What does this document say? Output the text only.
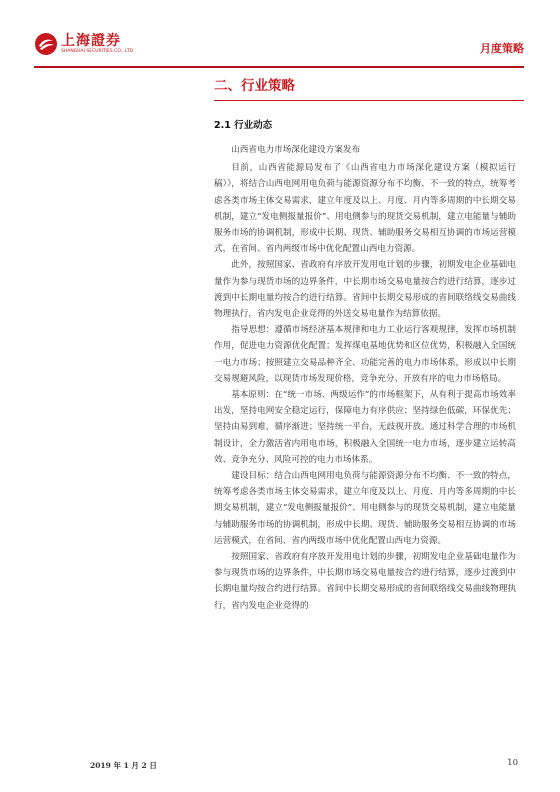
上海證券
SHANGHAI SECURITIES CO., LTD	月度策略
二、行业策略
2.1 行业动态

山西省电力市场深化建设方案发布

目前，山西省能源局发布了《山西省电力市场深化建设方案（模拟运行稿）》，将结合山西电网用电负荷与能源资源分布不均衡、不一致的特点，统筹考虑各类市场主体交易需求，建立年度及以上、月度、月内等多周期的中长期交易机制，建立“发电侧报量报价”、用电侧参与的现货交易机制，建立电能量与辅助服务市场的协调机制，形成中长期、现货、辅助服务交易相互协调的市场运营模式，在省间、省内两级市场中优化配置山西电力资源。

此外，按照国家、省政府有序放开发用电计划的步骤，初期发电企业基础电量作为参与现货市场的边界条件，中长期市场交易电量按合约进行结算，逐步过渡到中长期电量均按合约进行结算。省间中长期交易形成的省间联络线交易曲线物理执行，省内发电企业竞得的外送交易电量作为结算依据。

指导思想：遵循市场经济基本规律和电力工业运行客观规律，发挥市场机制作用，促进电力资源优化配置；发挥煤电基地优势和区位优势，积极融入全国统一电力市场；按照建立交易品种齐全、功能完善的电力市场体系，形成以中长期交易规避风险，以现货市场发现价格，竞争充分、开放有序的电力市场格局。

基本原则：在“统一市场、两级运作”的市场框架下，从有利于提高市场效率出发，坚持电网安全稳定运行，保障电力有序供应；坚持绿色低碳，环保优先；坚持由易到难，循序渐进；坚持统一平台，无歧视开放。通过科学合理的市场机制设计，全力激活省内用电市场，积极融入全国统一电力市场，逐步建立运转高效、竞争充分、风险可控的电力市场体系。

建设目标：结合山西电网用电负荷与能源资源分布不均衡、不一致的特点，统筹考虑各类市场主体交易需求，建立年度及以上、月度、月内等多周期的中长期交易机制，建立“发电侧报量报价”、用电侧参与的现货交易机制，建立电能量与辅助服务市场的协调机制，形成中长期、现货、辅助服务交易相互协调的市场运营模式，在省间、省内两级市场中优化配置山西电力资源。

按照国家、省政府有序放开发用电计划的步骤，初期发电企业基础电量作为参与现货市场的边界条件，中长期市场交易电量按合约进行结算，逐步过渡到中长期电量均按合约进行结算。省间中长期交易形成的省间联络线交易曲线物理执行，省内发电企业竞得的

2019 年 1 月 2 日	10
